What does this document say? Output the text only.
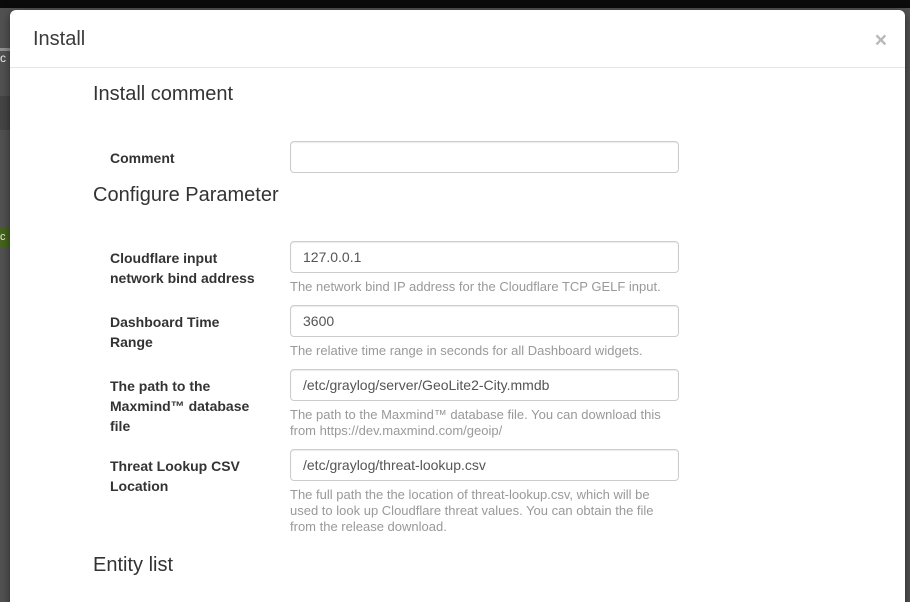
c
c
Install	×
Install comment
Comment
Configure Parameter
Cloudflare input network bind address
127.0.0.1
The network bind IP address for the Cloudflare TCP GELF input.
Dashboard Time Range
3600
The relative time range in seconds for all Dashboard widgets.
The path to the Maxmind™ database file
/etc/graylog/server/GeoLite2-City.mmdb
The path to the Maxmind™ database file. You can download this from https://dev.maxmind.com/geoip/
Threat Lookup CSV Location
/etc/graylog/threat-lookup.csv
The full path the the location of threat-lookup.csv, which will be used to look up Cloudflare threat values. You can obtain the file from the release download.
Entity list
